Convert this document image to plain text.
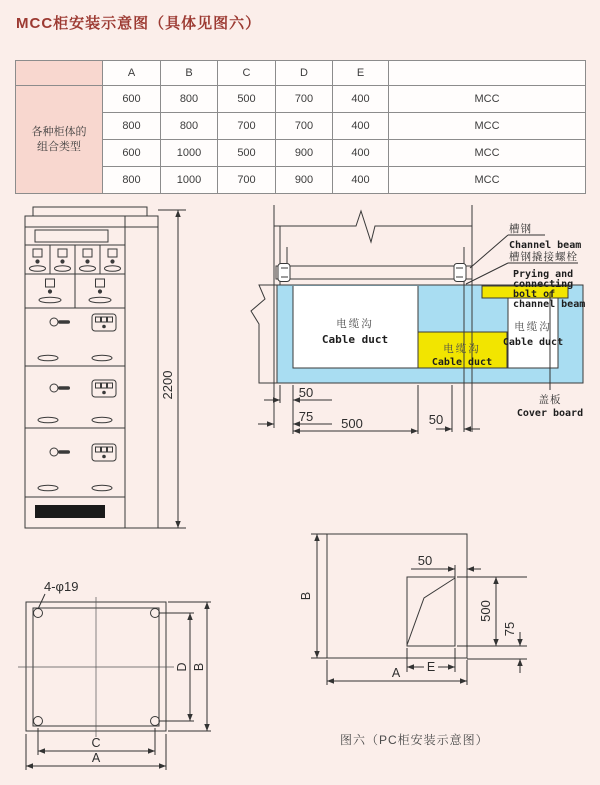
MCC柜安装示意图（具体见图六）
	A	B	C	D	E	

各种柜体的
组合类型	600	800	500	700	400	MCC
	800	800	700	700	400	MCC
	600	1000	500	900	400	MCC
	800	1000	700	900	400	MCC
2200	50
75 500	50
槽钢
Channel beam
槽钢撬接螺栓
Prying and
connecting
bolt of
channel beam
电缆沟
Cable duct
电缆沟
Cable duct
电缆沟
Cable duct
盖板
Cover board
4-φ19
D B
C
A
50
500
75
E
B
A
图六（PC柜安装示意图）
